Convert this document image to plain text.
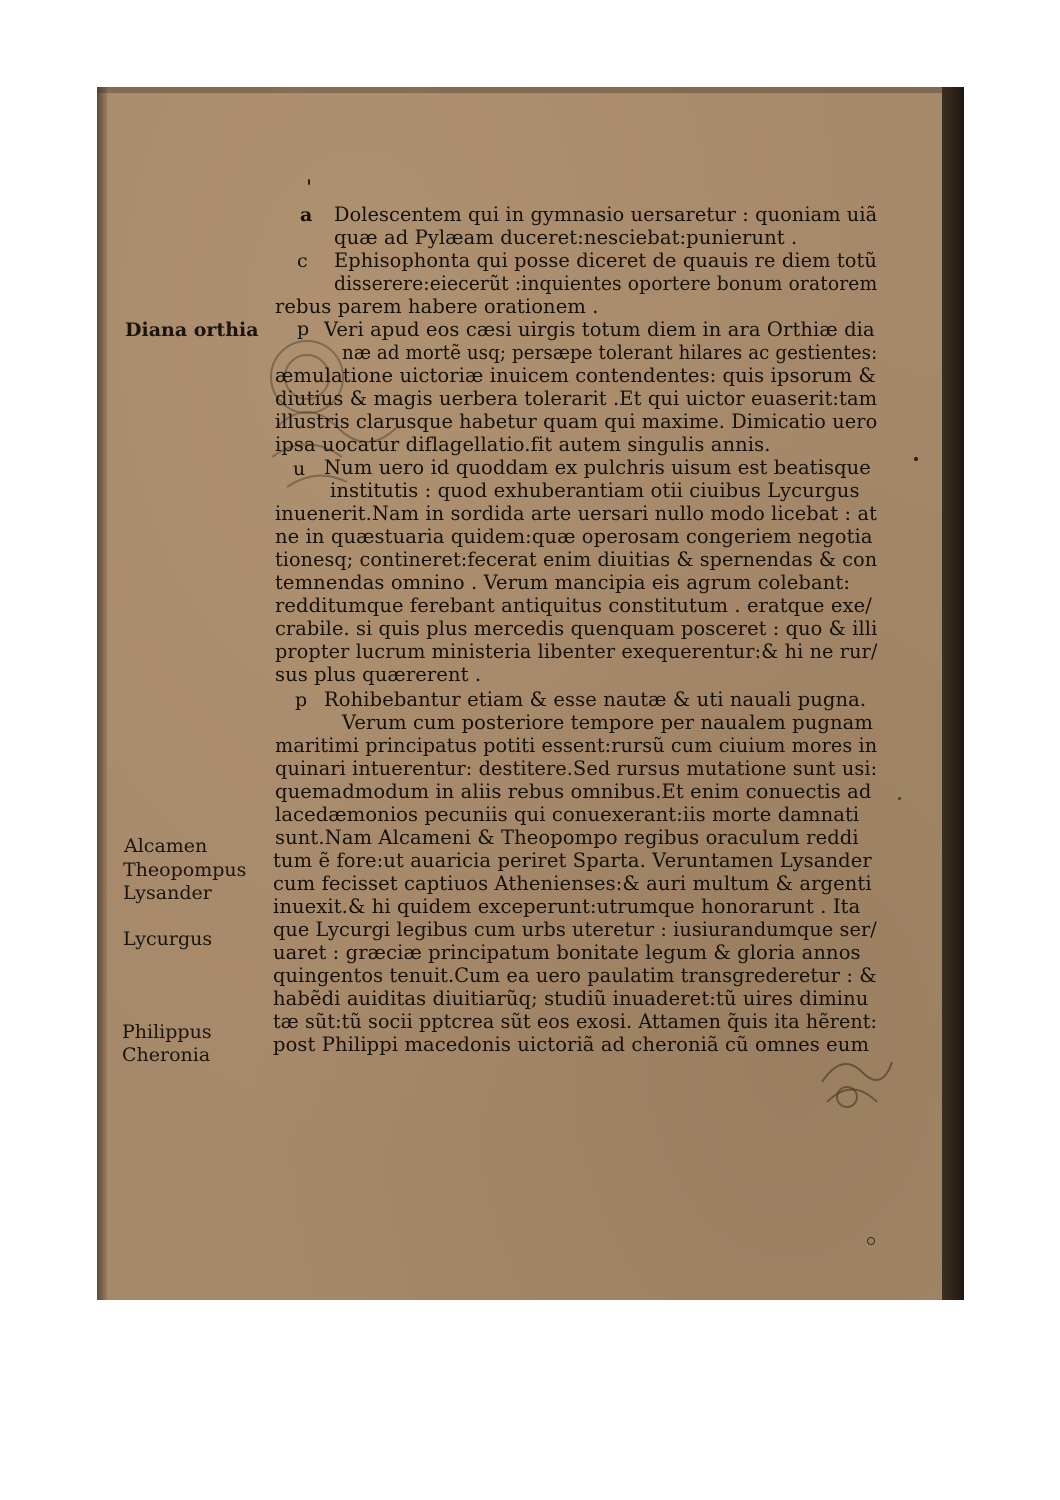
Diana orthia
Alcamen
Theopompus
Lysander
Lycurgus
Philippus
Cheronia
a
c
p
u
p
Dolescentem qui in gymnasio uersaretur : quoniam uiã
quæ ad Pylæam duceret:nesciebat:punierunt .
Ephisophonta qui posse diceret de quauis re diem totũ
disserere:eiecerũt :inquientes oportere bonum oratorem
rebus parem habere orationem .
Veri apud eos cæsi uirgis totum diem in ara Orthiæ dia
næ ad mortẽ usq; persæpe tolerant hilares ac gestientes:
æmulatione uictoriæ inuicem contendentes: quis ipsorum &
diutius & magis uerbera tolerarit .Et qui uictor euaserit:tam
illustris clarusque habetur quam qui maxime. Dimicatio uero
ipsa uocatur diflagellatio.fit autem singulis annis.
Num uero id quoddam ex pulchris uisum est beatisque
institutis : quod exhuberantiam otii ciuibus Lycurgus
inuenerit.Nam in sordida arte uersari nullo modo licebat : at
ne in quæstuaria quidem:quæ operosam congeriem negotia
tionesq; contineret:fecerat enim diuitias & spernendas & con
temnendas omnino . Verum mancipia eis agrum colebant:
redditumque ferebant antiquitus constitutum . eratque exe/
crabile. si quis plus mercedis quenquam posceret : quo & illi
propter lucrum ministeria libenter exequerentur:& hi ne rur/
sus plus quærerent .
Rohibebantur etiam & esse nautæ & uti nauali pugna.
Verum cum posteriore tempore per naualem pugnam
maritimi principatus potiti essent:rursũ cum ciuium mores in
quinari intuerentur: destitere.Sed rursus mutatione sunt usi:
quemadmodum in aliis rebus omnibus.Et enim conuectis ad
lacedæmonios pecuniis qui conuexerant:iis morte damnati
sunt.Nam Alcameni & Theopompo regibus oraculum reddi
tum ẽ fore:ut auaricia periret Sparta. Veruntamen Lysander
cum fecisset captiuos Athenienses:& auri multum & argenti
inuexit.& hi quidem exceperunt:utrumque honorarunt . Ita
que Lycurgi legibus cum urbs uteretur : iusiurandumque ser/
uaret : græciæ principatum bonitate legum & gloria annos
quingentos tenuit.Cum ea uero paulatim transgrederetur : &
habẽdi auiditas diuitiarũq; studiũ inuaderet:tũ uires diminu
tæ sũt:tũ socii pptcrea sũt eos exosi. Attamen q̃uis ita hẽrent:
post Philippi macedonis uictoriã ad cheroniã cũ omnes eum
